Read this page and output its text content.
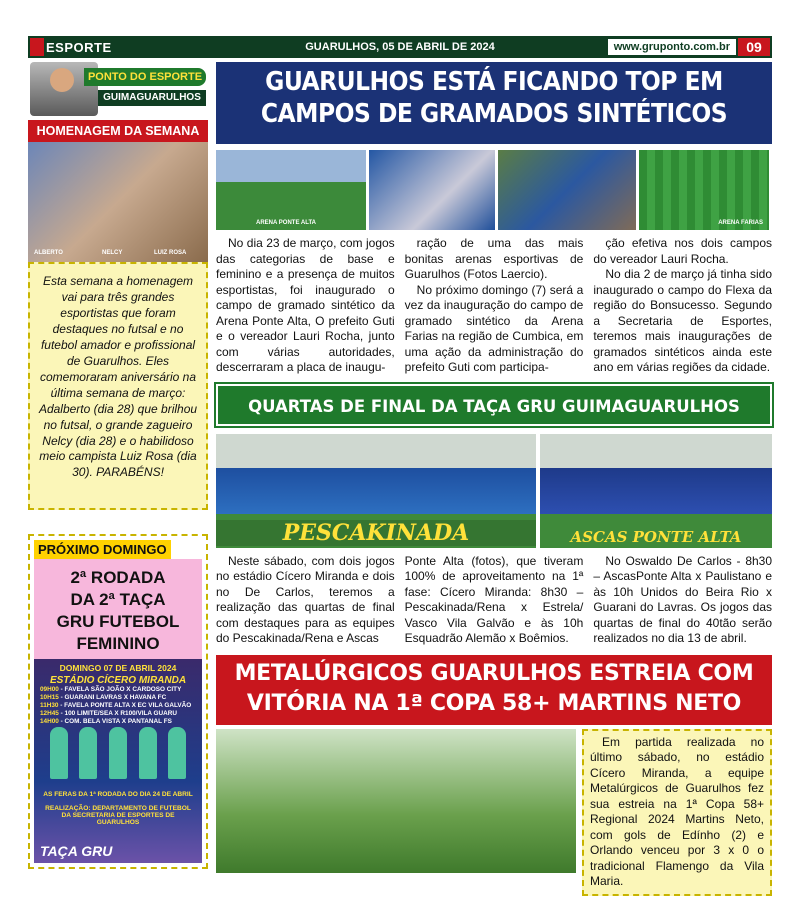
ESPORTE	GUARULHOS, 05 DE ABRIL DE 2024	www.gruponto.com.br	09
PONTO DO ESPORTE
GUIMAGUARULHOS
HOMENAGEM DA SEMANA
ALBERTO	NELCY	LUIZ ROSA
Esta semana a homenagem vai para três grandes esportistas que foram destaques no futsal e no futebol amador e profissional de Guarulhos. Eles comemoraram aniversário na última semana de março: Adalberto (dia 28) que brilhou no futsal, o grande zagueiro Nelcy (dia 28) e o habilidoso meio campista Luiz Rosa (dia 30). PARABÉNS!
PRÓXIMO DOMINGO
2ª RODADA
DA 2ª TAÇA
GRU FUTEBOL
FEMININO
DOMINGO 07 DE ABRIL 2024
ESTÁDIO CÍCERO MIRANDA
09H00 - FAVELA SÃO JOÃO X CARDOSO CITY
10H15 - GUARANI LAVRAS X HAVANA FC
11H30 - FAVELA PONTE ALTA X EC VILA GALVÃO
12H45 - 100 LIMITE/SEA X R100/VILA GUARU
14H00 - COM. BELA VISTA X PANTANAL FS
AS FERAS DA 1ª RODADA DO DIA 24 DE ABRIL
REALIZAÇÃO: DEPARTAMENTO DE FUTEBOL DA SECRETARIA DE ESPORTES DE GUARULHOS
TAÇA GRU
GUARULHOS ESTÁ FICANDO TOP EM CAMPOS DE GRAMADOS SINTÉTICOS
ARENA PONTE ALTA	ARENA FARIAS

No dia 23 de março, com jogos das categorias de base e feminino e a presença de muitos esportistas, foi inaugurado o campo de gramado sintético da Arena Ponte Alta, O prefeito Guti e o vereador Lauri Rocha, junto com várias autoridades, descerraram a placa de inaugu-

ração de uma das mais bonitas arenas esportivas de Guarulhos (Fotos Laercio).

No próximo domingo (7) será a vez da inauguração do campo de gramado sintético da Arena Farias na região de Cumbica, em uma ação da administração do prefeito Guti com participa-

ção efetiva nos dois campos do vereador Lauri Rocha.

No dia 2 de março já tinha sido inaugurado o campo do Flexa da região do Bonsucesso. Segundo a Secretaria de Esportes, teremos mais inaugurações de gramados sintéticos ainda este ano em várias regiões da cidade.

QUARTAS DE FINAL DA TAÇA GRU GUIMAGUARULHOS
PESCAKINADA	ASCAS PONTE ALTA

Neste sábado, com dois jogos no estádio Cícero Miranda e dois no De Carlos, teremos a realização das quartas de final com destaques para as equipes do Pescakinada/Rena e Ascas

Ponte Alta (fotos), que tiveram 100% de aproveitamento na 1ª fase: Cícero Miranda: 8h30 – Pescakinada/Rena x Estrela/ Vasco Vila Galvão e às 10h Esquadrão Alemão x Boêmios.

No Oswaldo De Carlos - 8h30 – AscasPonte Alta x Paulistano e às 10h Unidos do Beira Rio x Guarani do Lavras. Os jogos das quartas de final do 40tão serão realizados no dia 13 de abril.

METALÚRGICOS GUARULHOS ESTREIA COM VITÓRIA NA 1ª COPA 58+ MARTINS NETO

Em partida realizada no último sábado, no estádio Cícero Miranda, a equipe Metalúrgicos de Guarulhos fez sua estreia na 1ª Copa 58+ Regional 2024 Martins Neto, com gols de Edínho (2) e Orlando venceu por 3 x 0 o tradicional Flamengo da Vila Maria.
